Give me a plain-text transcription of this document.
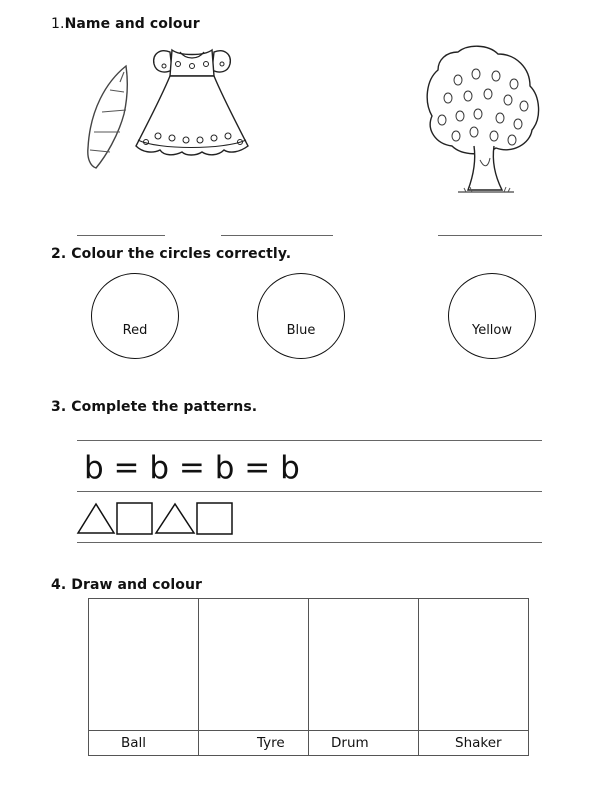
1.Name and colour
2. Colour the circles correctly.
Red	Blue	Yellow
3. Complete the patterns.
b = b = b = b
4. Draw and colour

Ball	Tyre	Drum	Shaker
